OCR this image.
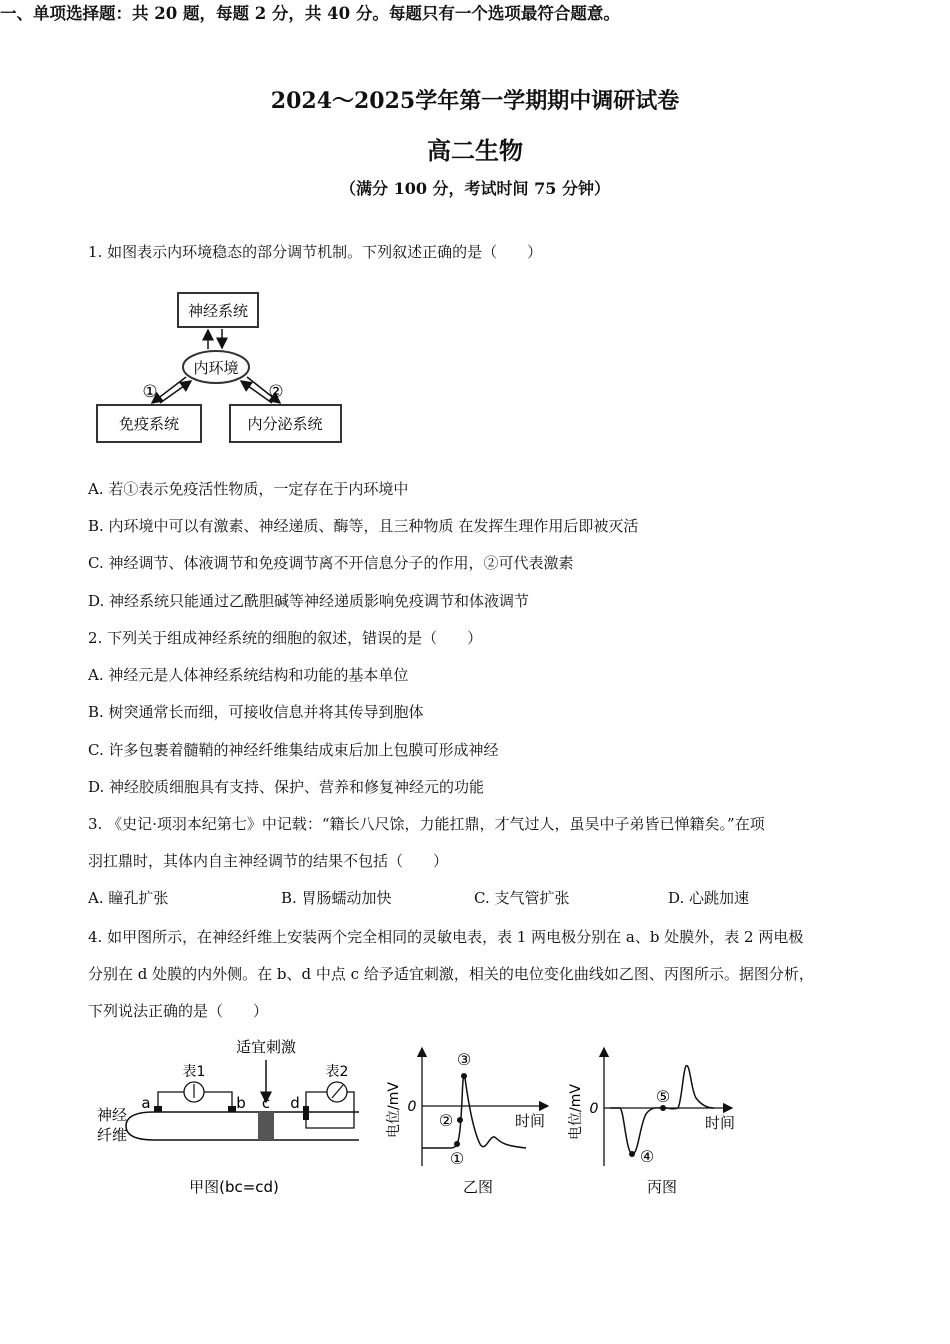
2024～2025学年第一学期期中调研试卷
高二生物
（满分 100 分，考试时间 75 分钟）
一、单项选择题：共 20 题，每题 2 分，共 40 分。每题只有一个选项最符合题意。
1. 如图表示内环境稳态的部分调节机制。下列叙述正确的是（　　）
神经系统
内环境
免疫系统	内分泌系统
①	②
A. 若①表示免疫活性物质，一定存在于内环境中
B. 内环境中可以有激素、神经递质、酶等，且三种物质 在发挥生理作用后即被灭活
C. 神经调节、体液调节和免疫调节离不开信息分子的作用，②可代表激素
D. 神经系统只能通过乙酰胆碱等神经递质影响免疫调节和体液调节
2. 下列关于组成神经系统的细胞的叙述，错误的是（　　）
A. 神经元是人体神经系统结构和功能的基本单位
B. 树突通常长而细，可接收信息并将其传导到胞体
C. 许多包裹着髓鞘的神经纤维集结成束后加上包膜可形成神经
D. 神经胶质细胞具有支持、保护、营养和修复神经元的功能
3. 《史记·项羽本纪第七》中记载：“籍长八尺馀，力能扛鼎，才气过人，虽吴中子弟皆已惮籍矣。”在项
羽扛鼎时，其体内自主神经调节的结果不包括（　　）
A. 瞳孔扩张	B. 胃肠蠕动加快	C. 支气管扩张	D. 心跳加速
4. 如甲图所示，在神经纤维上安装两个完全相同的灵敏电表，表 1 两电极分别在 a、b 处膜外，表 2 两电极
分别在 d 处膜的内外侧。在 b、d 中点 c 给予适宜刺激，相关的电位变化曲线如乙图、丙图所示。据图分析，
下列说法正确的是（　　）
适宜刺激
神经
纤维
表1
a	b c d
表2
甲图(bc=cd)
电位/mV 0
时间
①
②
③
乙图
电位/mV 0
时间
④
⑤
丙图
